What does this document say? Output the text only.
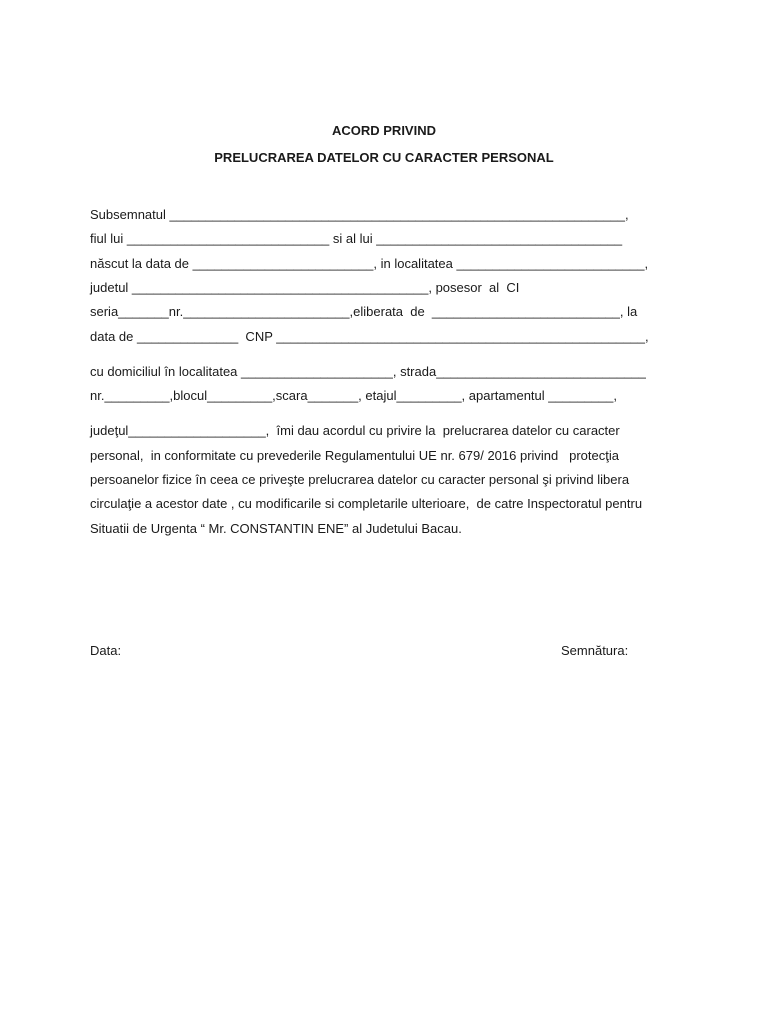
ACORD PRIVIND
PRELUCRAREA DATELOR CU CARACTER PERSONAL
Subsemnatul _______________________________________________________________,
fiul lui ____________________________ si al lui __________________________________
născut la data de _________________________, in localitatea __________________________,
judetul _________________________________________, posesor  al  CI
seria_______nr._______________________,eliberata  de  __________________________, la
data de ______________  CNP ___________________________________________________,
cu domiciliul în localitatea _____________________, strada_____________________________
nr._________,blocul_________,scara_______, etajul_________, apartamentul _________,
judeţul___________________,  îmi dau acordul cu privire la  prelucrarea datelor cu caracter
personal,  in conformitate cu prevederile Regulamentului UE nr. 679/ 2016 privind   protecţia
persoanelor fizice în ceea ce priveşte prelucrarea datelor cu caracter personal şi privind libera
circulaţie a acestor date , cu modificarile si completarile ulterioare,  de catre Inspectoratul pentru
Situatii de Urgenta “ Mr. CONSTANTIN ENE” al Judetului Bacau.
Data:	Semnătura:
